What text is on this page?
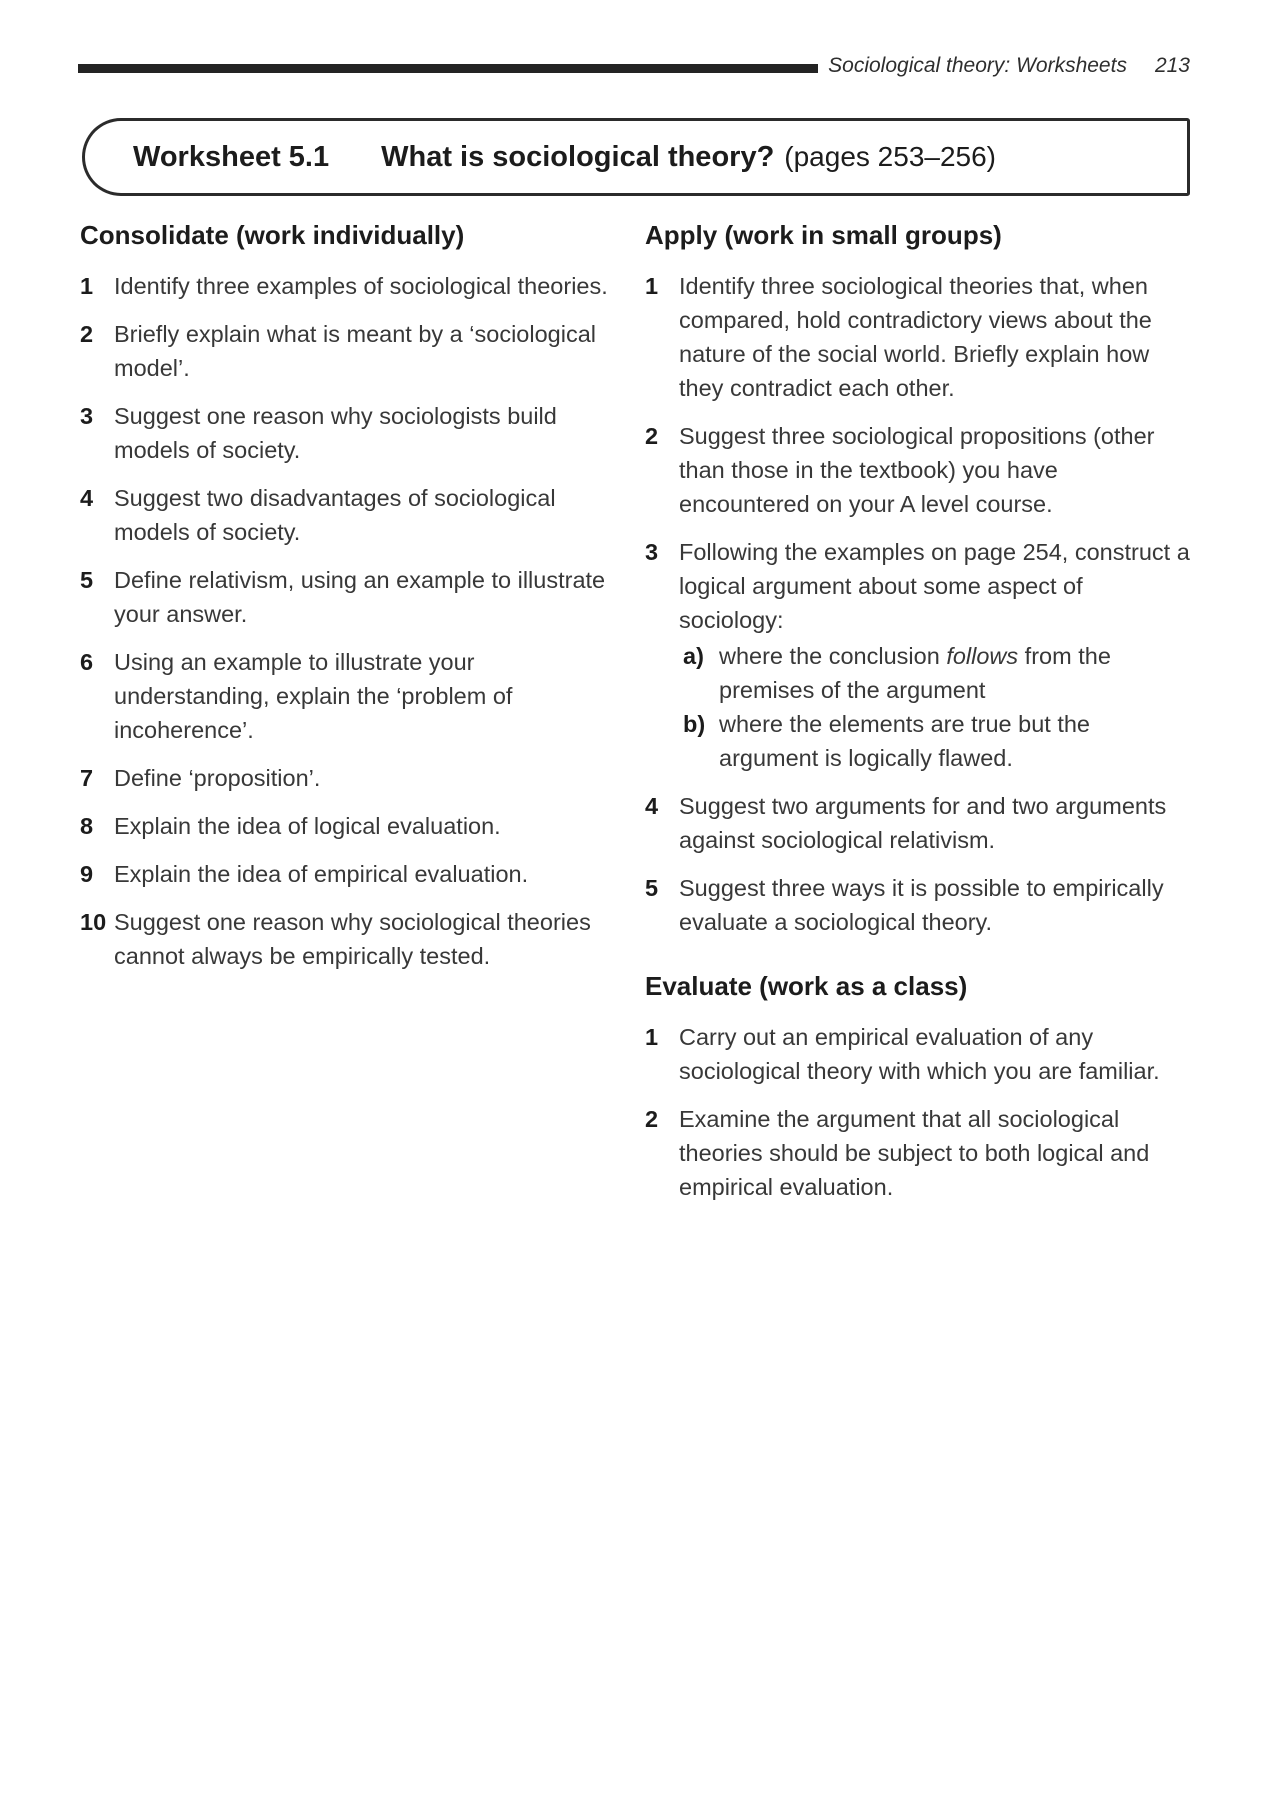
Sociological theory: Worksheets 213
Worksheet 5.1 What is sociological theory? (pages 253–256)
Consolidate (work individually)
1 Identify three examples of sociological theories.
2 Briefly explain what is meant by a ‘sociological model’.
3 Suggest one reason why sociologists build models of society.
4 Suggest two disadvantages of sociological models of society.
5 Define relativism, using an example to illustrate your answer.
6 Using an example to illustrate your understanding, explain the ‘problem of incoherence’.
7 Define ‘proposition’.
8 Explain the idea of logical evaluation.
9 Explain the idea of empirical evaluation.
10 Suggest one reason why sociological theories cannot always be empirically tested.
Apply (work in small groups)
1 Identify three sociological theories that, when compared, hold contradictory views about the nature of the social world. Briefly explain how they contradict each other.
2 Suggest three sociological propositions (other than those in the textbook) you have encountered on your A level course.
3 Following the examples on page 254, construct a logical argument about some aspect of sociology:
a) where the conclusion follows from the premises of the argument
b) where the elements are true but the argument is logically flawed.
4 Suggest two arguments for and two arguments against sociological relativism.
5 Suggest three ways it is possible to empirically evaluate a sociological theory.
Evaluate (work as a class)
1 Carry out an empirical evaluation of any sociological theory with which you are familiar.
2 Examine the argument that all sociological theories should be subject to both logical and empirical evaluation.
